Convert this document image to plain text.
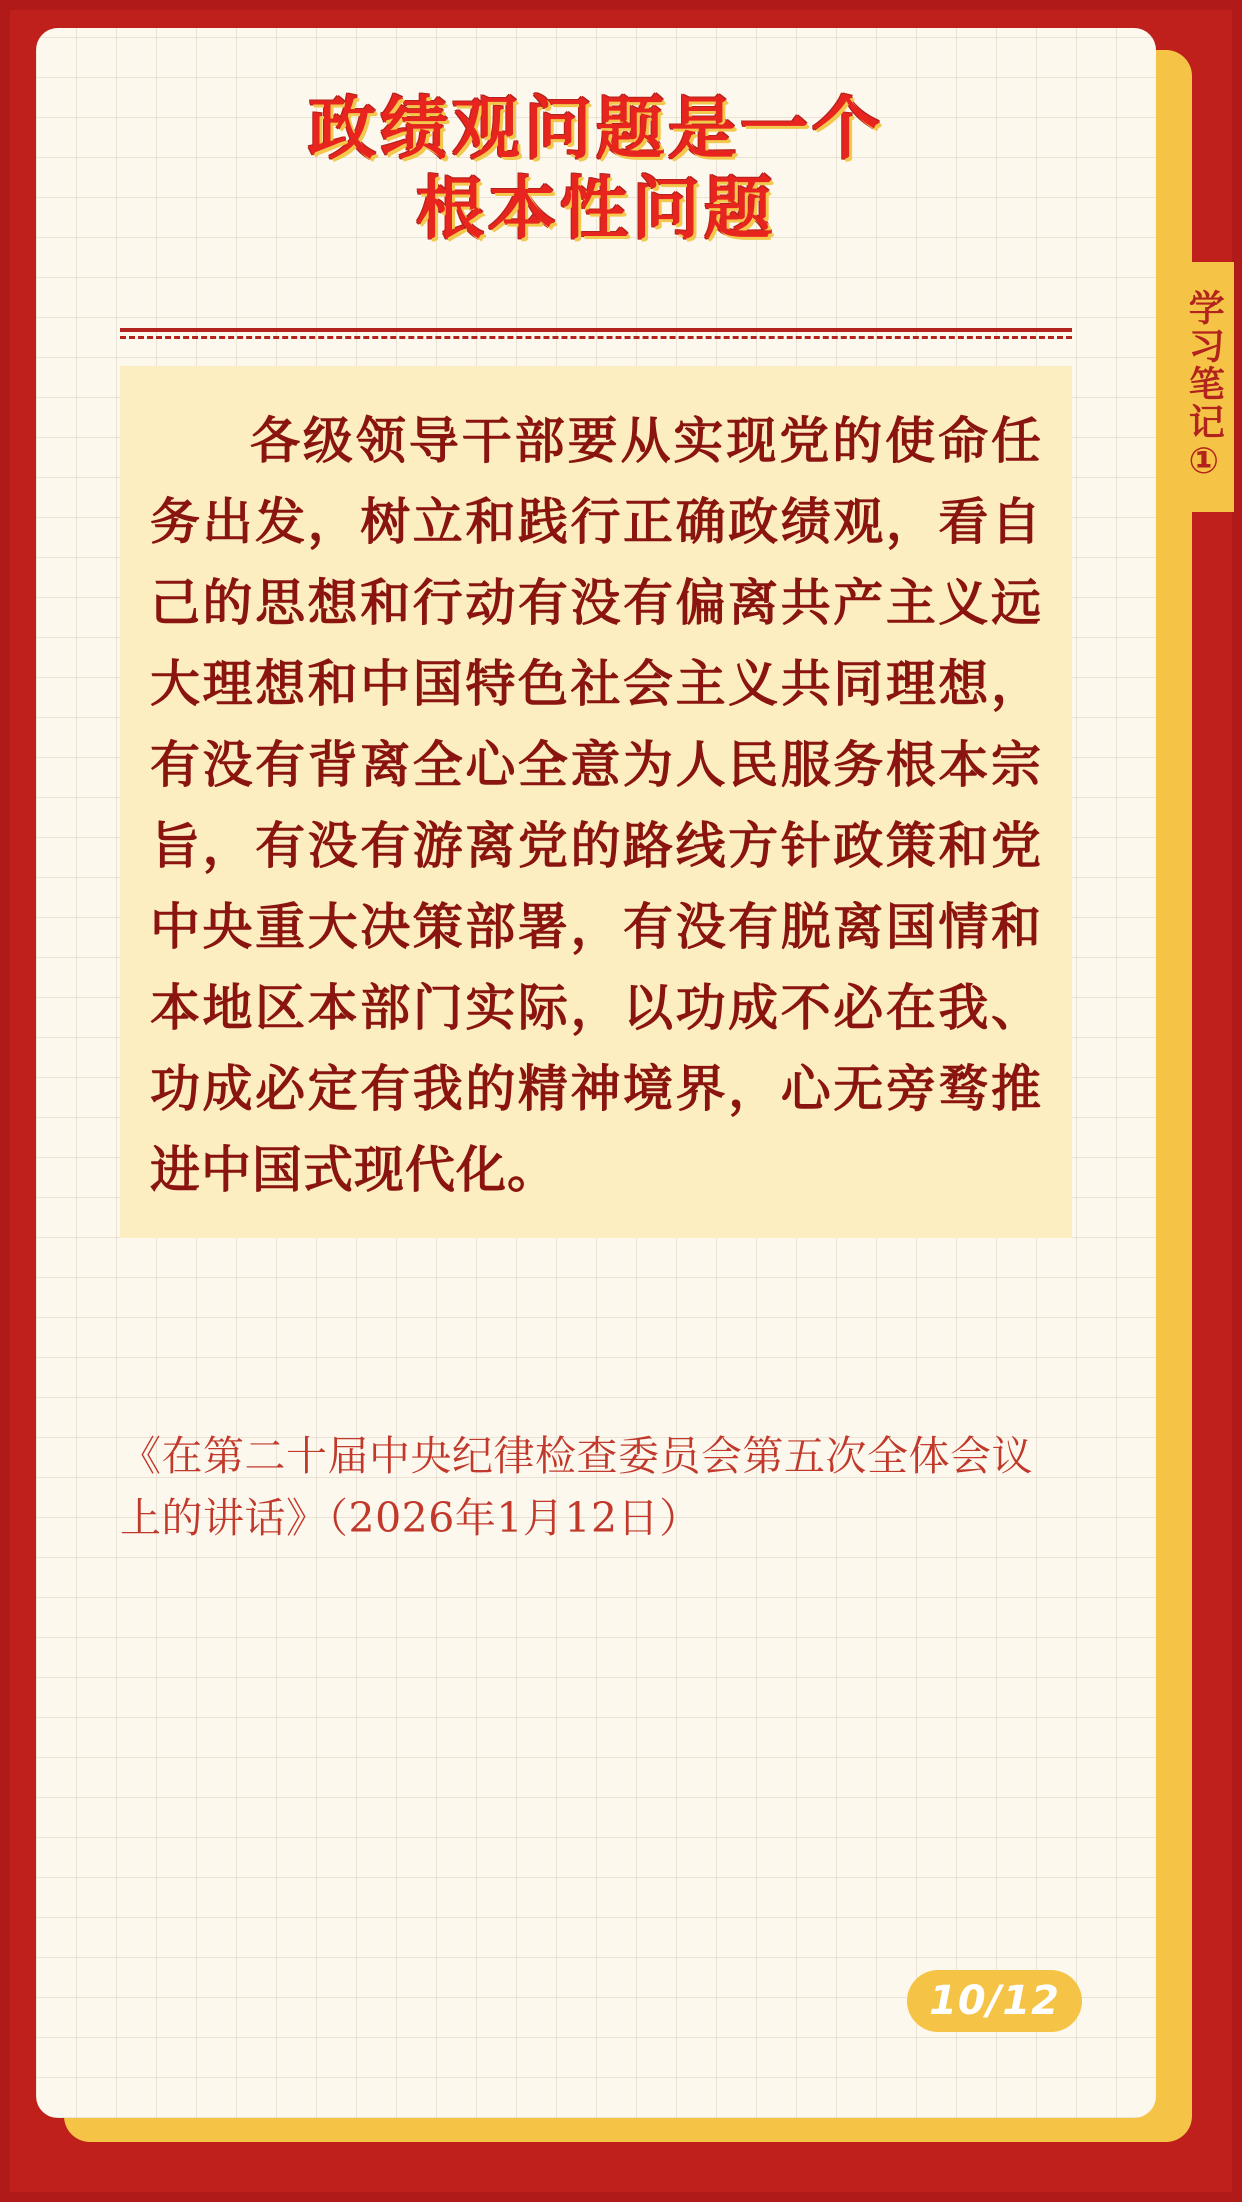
政绩观问题是一个
根本性问题
各级领导干部要从实现党的使命任务出发，树立和践行正确政绩观，看自己的思想和行动有没有偏离共产主义远大理想和中国特色社会主义共同理想，有没有背离全心全意为人民服务根本宗旨，有没有游离党的路线方针政策和党中央重大决策部署，有没有脱离国情和本地区本部门实际，以功成不必在我、功成必定有我的精神境界，心无旁骛推进中国式现代化。
《在第二十届中央纪律检查委员会第五次全体会议上的讲话》（2026年1月12日）
10/12
学习笔记①
